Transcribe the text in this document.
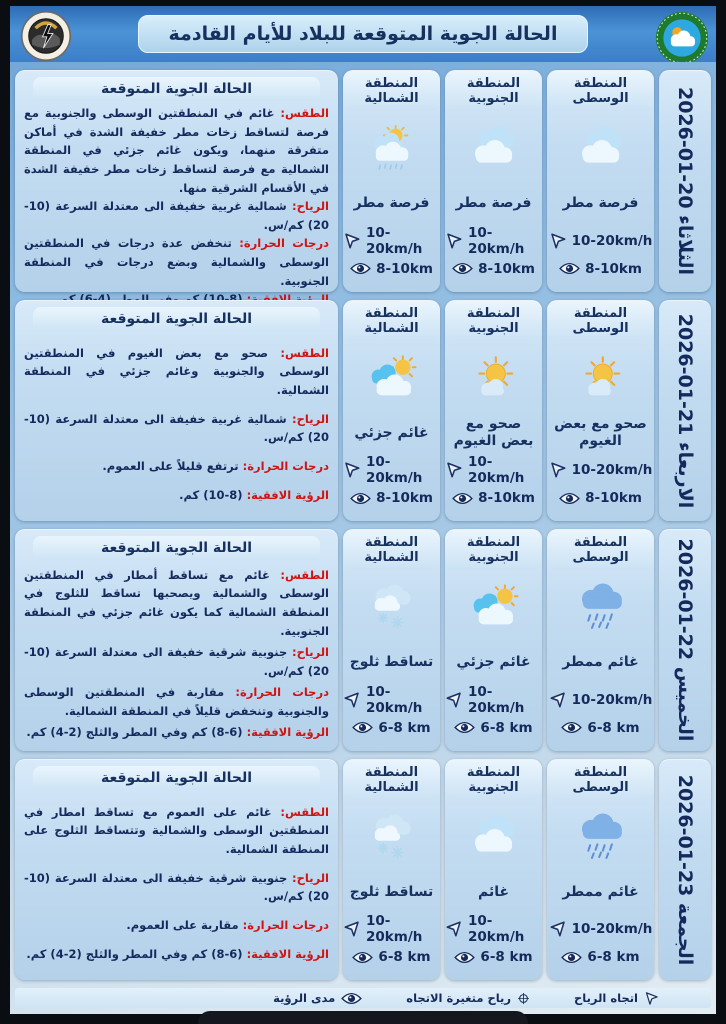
الحالة الجوية المتوقعة للبلاد للأيام القادمة
الثلاثاء 20-01-2026
المنطقة الوسطى
فرصة مطر
10-20km/h
8-10km
المنطقة الجنوبية
فرصة مطر
10-20km/h
8-10km
المنطقة الشمالية
فرصة مطر
10-20km/h
8-10km
الحالة الجوية المتوقعة

الطقس: غائم في المنطقتين الوسطى والجنوبية مع فرصة لتساقط زخات مطر خفيفة الشدة في أماكن متفرقة منهما، ويكون غائم جزئي في المنطقة الشمالية مع فرصة لتساقط زخات مطر خفيفة الشدة في الأقسام الشرقية منها.

الرياح: شمالية غربية خفيفة الى معتدلة السرعة (10-20) كم/س.

درجات الحرارة: تنخفض عدة درجات في المنطقتين الوسطى والشمالية وبضع درجات في المنطقة الجنوبية.

الاربعاء 21-01-2026
المنطقة الوسطى
صحو مع بعض الغيوم
10-20km/h
8-10km
المنطقة الجنوبية
صحو مع بعض الغيوم
10-20km/h
8-10km
المنطقة الشمالية
غائم جزئي
10-20km/h
8-10km
الحالة الجوية المتوقعة

الطقس: صحو مع بعض الغيوم في المنطقتين الوسطى والجنوبية وغائم جزئي في المنطقة الشمالية.

الرياح: شمالية غربية خفيفة الى معتدلة السرعة (10-20) كم/س.

درجات الحرارة: ترتفع قليلاً على العموم.

الرؤية الافقية: (8-10) كم.

الخميس 22-01-2026
المنطقة الوسطى
غائم ممطر
10-20km/h
6-8 km
المنطقة الجنوبية
غائم جزئي
10-20km/h
6-8 km
المنطقة الشمالية
تساقط ثلوج
10-20km/h
6-8 km
الحالة الجوية المتوقعة

الطقس: غائم مع تساقط أمطار في المنطقتين الوسطى والشمالية ويصحبها تساقط للثلوج في المنطقة الشمالية كما يكون غائم جزئي في المنطقة الجنوبية.

الرياح: جنوبية شرقية خفيفة الى معتدلة السرعة (10-20) كم/س.

درجات الحرارة: مقاربة في المنطقتين الوسطى والجنوبية وتنخفض قليلاً في المنطقة الشمالية.

الرؤية الافقية: (6-8) كم وفي المطر والثلج (2-4) كم.

الجمعة 23-01-2026
المنطقة الوسطى
غائم ممطر
10-20km/h
6-8 km
المنطقة الجنوبية
غائم
10-20km/h
6-8 km
المنطقة الشمالية
تساقط ثلوج
10-20km/h
6-8 km
الحالة الجوية المتوقعة

الطقس: غائم على العموم مع تساقط امطار في المنطقتين الوسطى والشمالية وتتساقط الثلوج على المنطقة الشمالية.

الرياح: جنوبية شرقية خفيفة الى معتدلة السرعة (10-20) كم/س.

درجات الحرارة: مقاربة على العموم.

الرؤية الافقية: (6-8) كم وفي المطر والثلج (2-4) كم.

اتجاه الرياح
رياح متغيرة الاتجاه
مدى الرؤية
